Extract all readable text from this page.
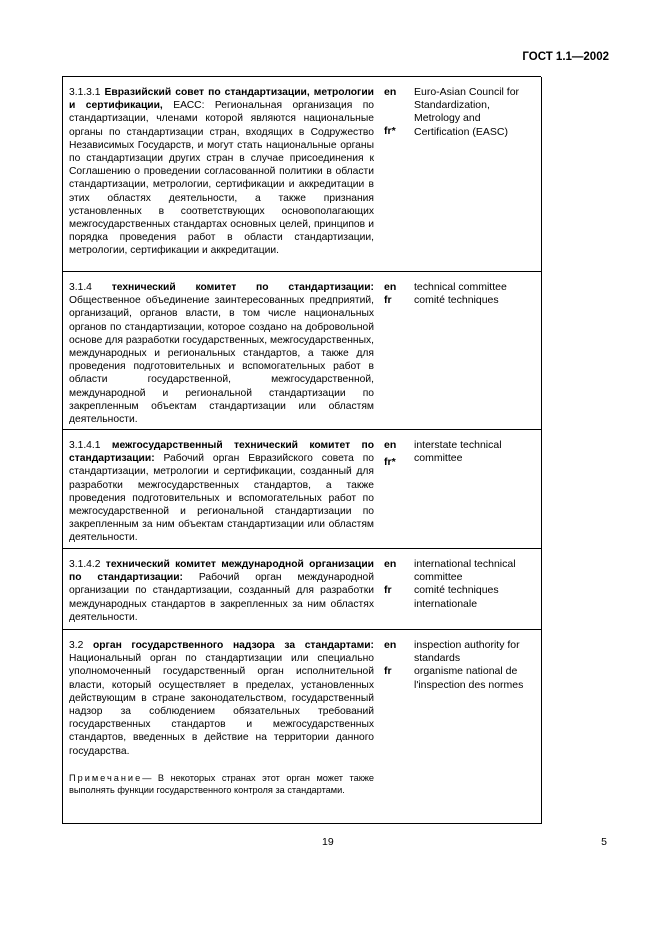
ГОСТ 1.1—2002
3.1.3.1 Евразийский совет по стандартизации, метрологии и сертификации, ЕАСС: Региональная организация по стандартизации, членами которой являются национальные органы по стандартизации стран, входящих в Содружество Независимых Государств, и могут стать национальные органы по стандартизации других стран в случае присоединения к Соглашению о проведении согласованной политики в области стандартизации, метрологии, сертификации и аккредитации в этих областях деятельности, а также признания установленных в соответствующих основополагающих межгосударственных стандартах основных целей, принципов и порядка проведения работ в области стандартизации, метрологии, сертификации и аккредитации.
en
fr*
Euro-Asian Council for Standardization, Metrology and Certification (EASC)
3.1.4 технический комитет по стандартизации: Общественное объединение заинтересованных предприятий, организаций, органов власти, в том числе национальных органов по стандартизации, которое создано на добровольной основе для разработки государственных, межгосударственных, международных и региональных стандартов, а также для проведения подготовительных и вспомогательных работ в области государственной, межгосударственной, международной и региональной стандартизации по закрепленным объектам стандартизации или областям деятельности.
en
fr
technical committee
comité techniques
3.1.4.1 межгосударственный технический комитет по стандартизации: Рабочий орган Евразийского совета по стандартизации, метрологии и сертификации, созданный для разработки межгосударственных стандартов, а также проведения подготовительных и вспомогательных работ по межгосударственной и региональной стандартизации по закрепленным за ним объектам стандартизации или областям деятельности.
en
fr*
interstate technical committee
3.1.4.2 технический комитет международной организации по стандартизации: Рабочий орган международной организации по стандартизации, созданный для разработки международных стандартов в закрепленных за ним областях деятельности.
en
fr
international technical committee
comité techniques internationale
3.2 орган государственного надзора за стандартами: Национальный орган по стандартизации или специально уполномоченный государственный орган исполнительной власти, который осуществляет в пределах, установленных действующим в стране законодательством, государственный надзор за соблюдением обязательных требований государственных стандартов и межгосударственных стандартов, введенных в действие на территории данного государства.
Примечание— В некоторых странах этот орган может также выполнять функции государственного контроля за стандартами.
en
fr
inspection authority for standards
organisme national de l'inspection des normes
19	5
